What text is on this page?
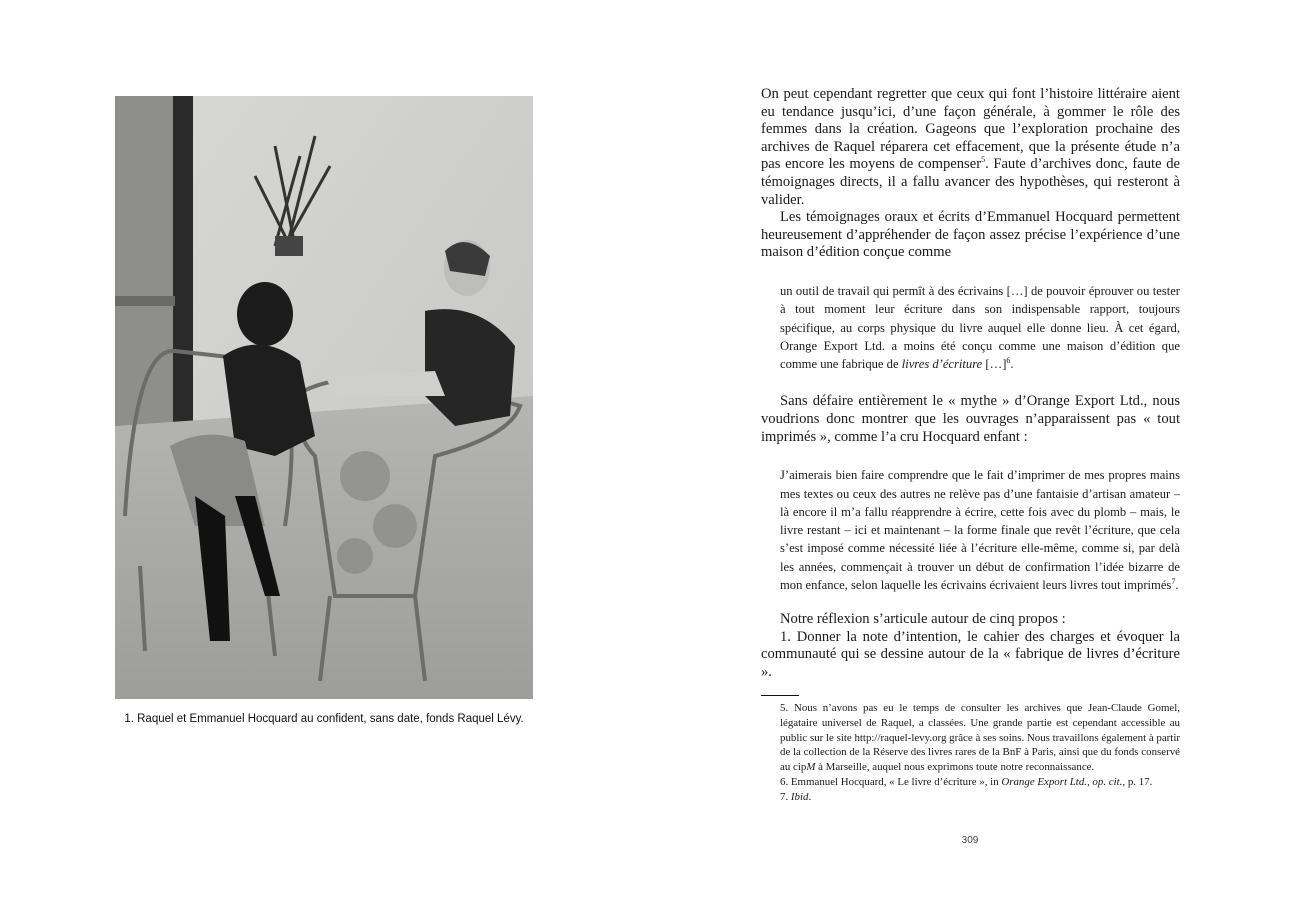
1. Raquel et Emmanuel Hocquard au confident, sans date, fonds Raquel Lévy.

On peut cependant regretter que ceux qui font l’histoire littéraire aient eu tendance jusqu’ici, d’une façon générale, à gommer le rôle des femmes dans la création. Gageons que l’exploration prochaine des archives de Raquel réparera cet effacement, que la présente étude n’a pas encore les moyens de compenser$^5$. Faute d’archives donc, faute de témoignages directs, il a fallu avancer des hypothèses, qui resteront à valider.

Les témoignages oraux et écrits d’Emmanuel Hocquard permettent heureusement d’appréhender de façon assez précise l’expérience d’une maison d’édition conçue comme

un outil de travail qui permît à des écrivains […] de pouvoir éprouver ou tester à tout moment leur écriture dans son indispensable rapport, toujours spécifique, au corps physique du livre auquel elle donne lieu. À cet égard, Orange Export Ltd. a moins été conçu comme une maison d’édition que comme une fabrique de livres d’écriture […]$^6$.

Sans défaire entièrement le « mythe » d’Orange Export Ltd., nous voudrions donc montrer que les ouvrages n’apparaissent pas « tout imprimés », comme l’a cru Hocquard enfant :

J’aimerais bien faire comprendre que le fait d’imprimer de mes propres mains mes textes ou ceux des autres ne relève pas d’une fantaisie d’artisan amateur – là encore il m’a fallu réapprendre à écrire, cette fois avec du plomb – mais, le livre restant – ici et maintenant – la forme finale que revêt l’écriture, que cela s’est imposé comme nécessité liée à l’écriture elle-même, comme si, par delà les années, commençait à trouver un début de confirmation l’idée bizarre de mon enfance, selon laquelle les écrivains écrivaient leurs livres tout imprimés$^7$.

Notre réflexion s’articule autour de cinq propos :

1. Donner la note d’intention, le cahier des charges et évoquer la communauté qui se dessine autour de la « fabrique de livres d’écriture ».

5. Nous n’avons pas eu le temps de consulter les archives que Jean-Claude Gomel, légataire universel de Raquel, a classées. Une grande partie est cependant accessible au public sur le site http://raquel-levy.org grâce à ses soins. Nous travaillons également à partir de la collection de la Réserve des livres rares de la BnF à Paris, ainsi que du fonds conservé au cipM à Marseille, auquel nous exprimons toute notre reconnaissance.

6. Emmanuel Hocquard, « Le livre d’écriture », in Orange Export Ltd., op. cit., p. 17.

7. Ibid.

309
